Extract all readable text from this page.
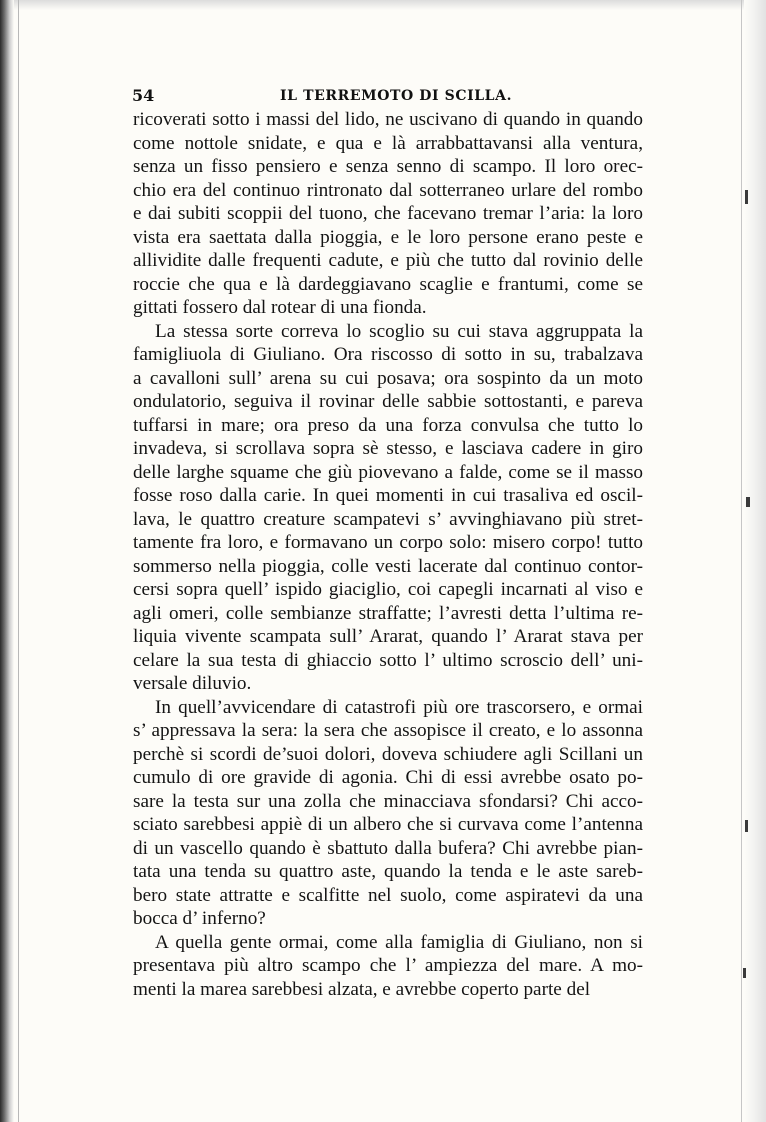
54	IL TERREMOTO DI SCILLA.
ricoverati sotto i massi del lido, ne uscivano di quando in quando
come nottole snidate, e qua e là arrabbattavansi alla ventura,
senza un fisso pensiero e senza senno di scampo. Il loro orec-
chio era del continuo rintronato dal sotterraneo urlare del rombo
e dai subiti scoppii del tuono, che facevano tremar l’aria: la loro
vista era saettata dalla pioggia, e le loro persone erano peste e
allividite dalle frequenti cadute, e più che tutto dal rovinio delle
roccie che qua e là dardeggiavano scaglie e frantumi, come se
gittati fossero dal rotear di una fionda.
La stessa sorte correva lo scoglio su cui stava aggruppata la
famigliuola di Giuliano. Ora riscosso di sotto in su, trabalzava
a cavalloni sull’ arena su cui posava; ora sospinto da un moto
ondulatorio, seguiva il rovinar delle sabbie sottostanti, e pareva
tuffarsi in mare; ora preso da una forza convulsa che tutto lo
invadeva, si scrollava sopra sè stesso, e lasciava cadere in giro
delle larghe squame che giù piovevano a falde, come se il masso
fosse roso dalla carie. In quei momenti in cui trasaliva ed oscil-
lava, le quattro creature scampatevi s’ avvinghiavano più stret-
tamente fra loro, e formavano un corpo solo: misero corpo! tutto
sommerso nella pioggia, colle vesti lacerate dal continuo contor-
cersi sopra quell’ ispido giaciglio, coi capegli incarnati al viso e
agli omeri, colle sembianze straffatte; l’avresti detta l’ultima re-
liquia vivente scampata sull’ Ararat, quando l’ Ararat stava per
celare la sua testa di ghiaccio sotto l’ ultimo scroscio dell’ uni-
versale diluvio.
In quell’avvicendare di catastrofi più ore trascorsero, e ormai
s’ appressava la sera: la sera che assopisce il creato, e lo assonna
perchè si scordi de’suoi dolori, doveva schiudere agli Scillani un
cumulo di ore gravide di agonia. Chi di essi avrebbe osato po-
sare la testa sur una zolla che minacciava sfondarsi? Chi acco-
sciato sarebbesi appiè di un albero che si curvava come l’antenna
di un vascello quando è sbattuto dalla bufera? Chi avrebbe pian-
tata una tenda su quattro aste, quando la tenda e le aste sareb-
bero state attratte e scalfitte nel suolo, come aspiratevi da una
bocca d’ inferno?
A quella gente ormai, come alla famiglia di Giuliano, non si
presentava più altro scampo che l’ ampiezza del mare. A mo-
menti la marea sarebbesi alzata, e avrebbe coperto parte del
